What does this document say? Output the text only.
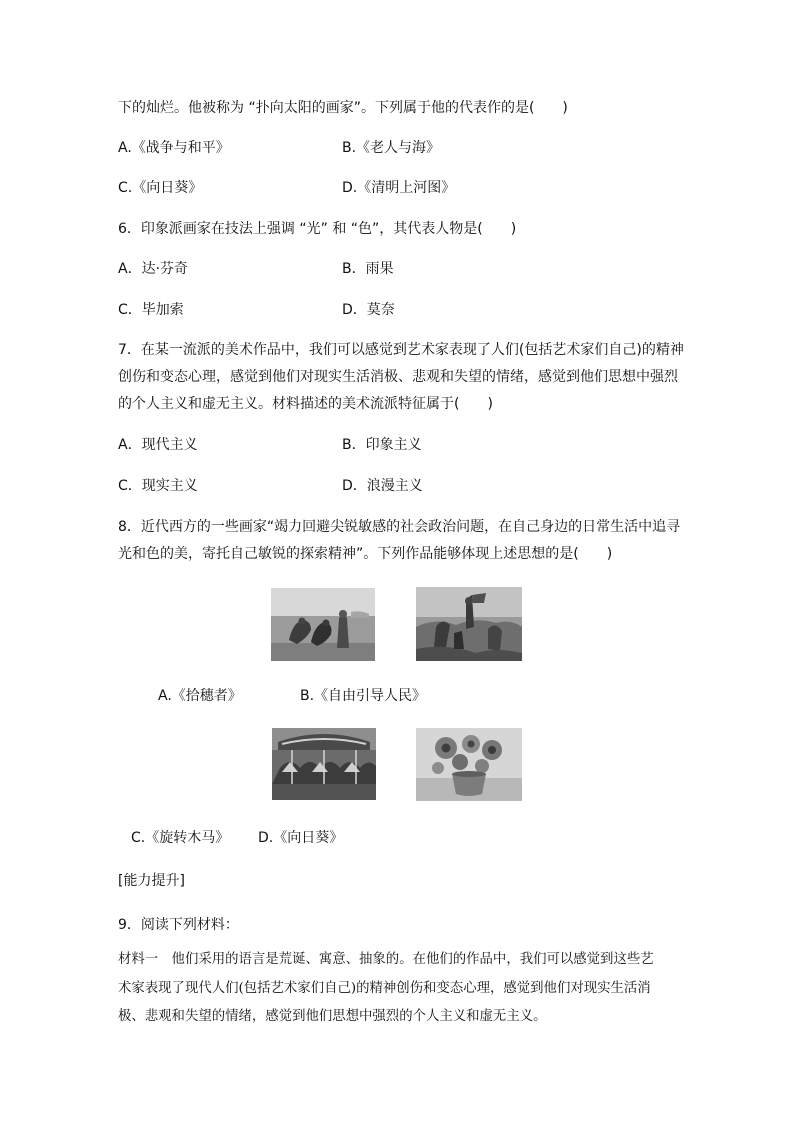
下的灿烂。他被称为 “扑向太阳的画家”。下列属于他的代表作的是(　　)
A.《战争与和平》	B.《老人与海》
C.《向日葵》	D.《清明上河图》
6．印象派画家在技法上强调 “光” 和 “色”，其代表人物是(　　)
A．达·芬奇	B．雨果
C．毕加索	D．莫奈
7．在某一流派的美术作品中，我们可以感觉到艺术家表现了人们(包括艺术家们自己)的精神
创伤和变态心理，感觉到他们对现实生活消极、悲观和失望的情绪，感觉到他们思想中强烈
的个人主义和虚无主义。材料描述的美术流派特征属于(　　)
A．现代主义	B．印象主义
C．现实主义	D．浪漫主义
8．近代西方的一些画家“竭力回避尖锐敏感的社会政治问题，在自己身边的日常生活中追寻
光和色的美，寄托自己敏锐的探索精神”。下列作品能够体现上述思想的是(　　)
A.《拾穗者》	B.《自由引导人民》
C.《旋转木马》 D.《向日葵》
[能力提升]
9．阅读下列材料：
材料一　他们采用的语言是荒诞、寓意、抽象的。在他们的作品中，我们可以感觉到这些艺
术家表现了现代人们(包括艺术家们自己)的精神创伤和变态心理，感觉到他们对现实生活消
极、悲观和失望的情绪，感觉到他们思想中强烈的个人主义和虚无主义。
